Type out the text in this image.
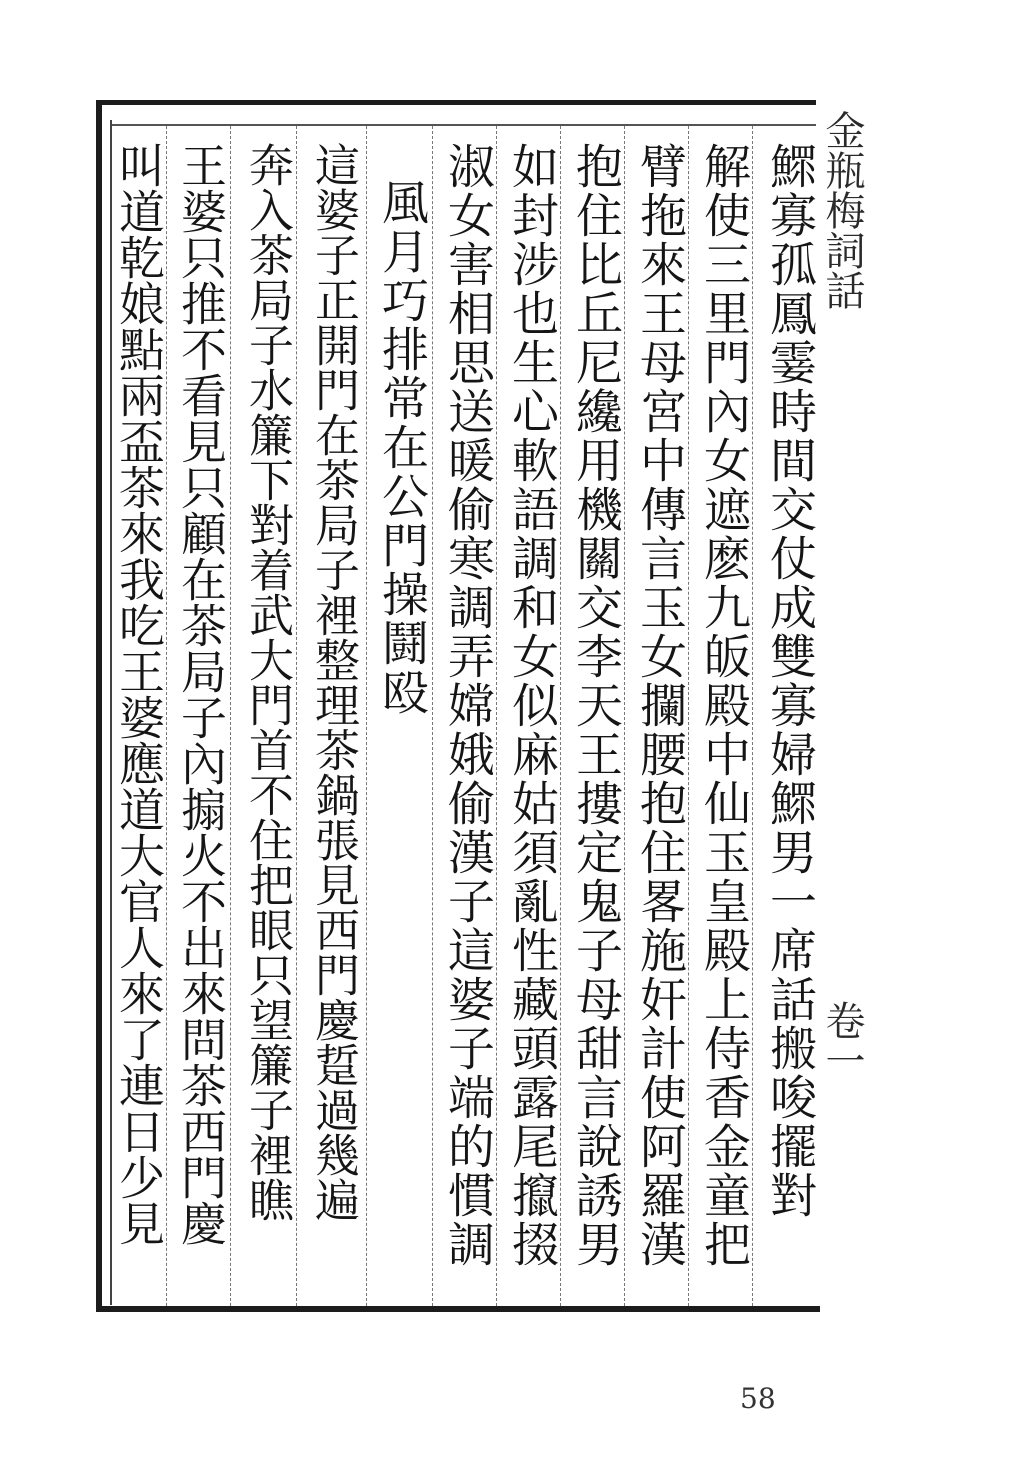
金瓶梅詞話
卷一
鰥寡孤鳳霎時間交仗成雙寡婦鰥男一席話搬唆擺對
解使三里門內女遮麽九皈殿中仙玉皇殿上侍香金童把
臂拖來王母宮中傳言玉女攔腰抱住畧施奸計使阿羅漢
抱住比丘尼纔用機關交李天王摟定鬼子母甜言說誘男
如封涉也生心軟語調和女似麻姑須亂性藏頭露尾攛掇
淑女害相思送暖偷寒調弄嫦娥偷漢子這婆子端的慣調
風月巧排常在公門操鬪殴
這婆子正開門在茶局子裡整理茶鍋張見西門慶踅過幾遍
奔入茶局子水簾下對着武大門首不住把眼只望簾子裡瞧
王婆只推不看見只顧在茶局子內搧火不出來問茶西門慶
叫道乾娘點兩盃茶來我吃王婆應道大官人來了連日少見
58
